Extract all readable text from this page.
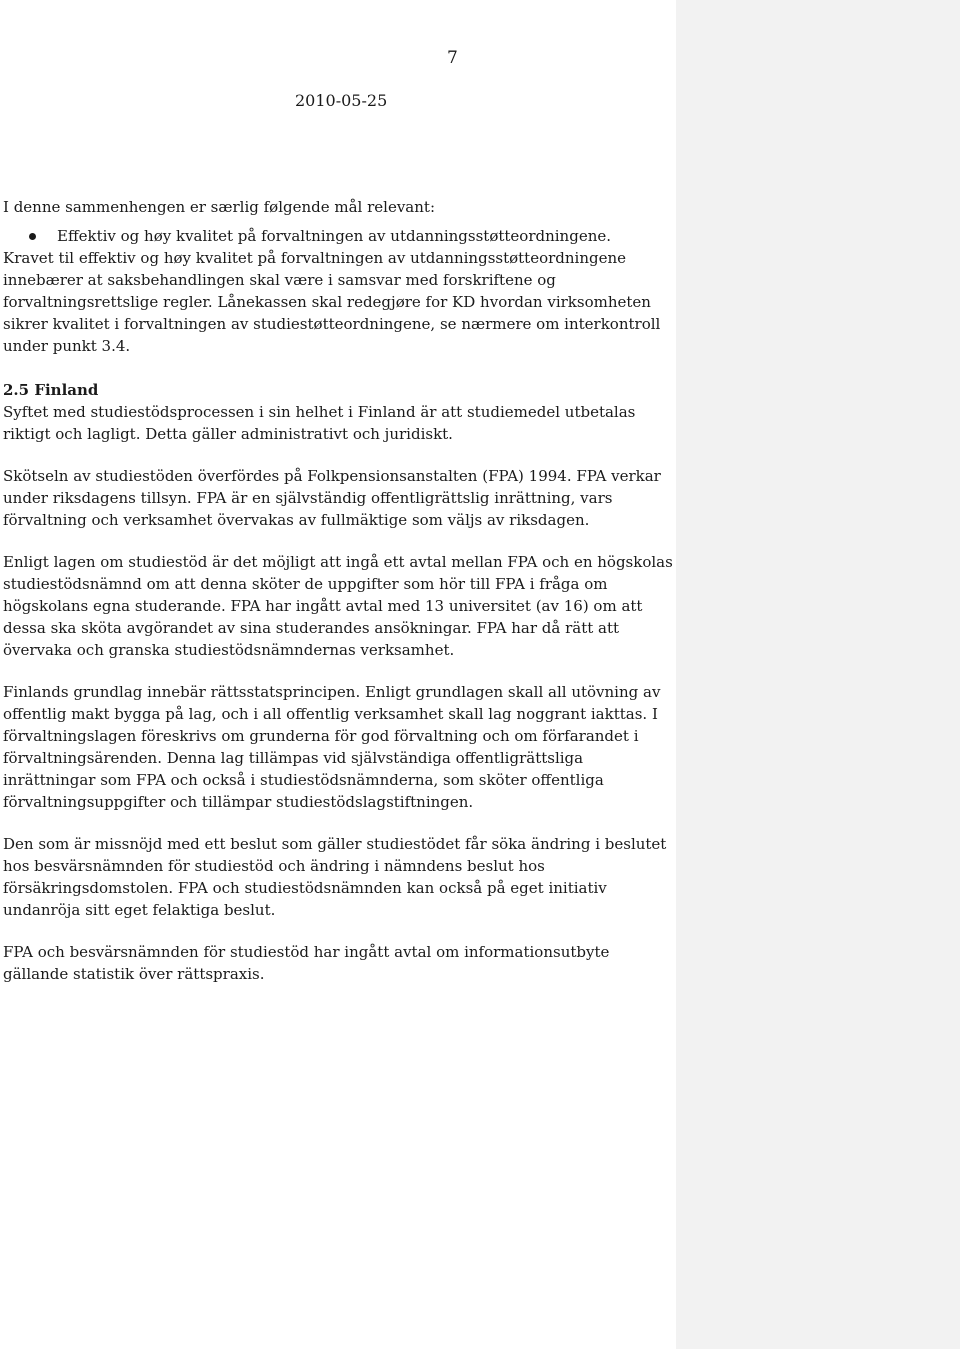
7
2010-05-25

I denne sammenhengen er særlig følgende mål relevant:

Effektiv og høy kvalitet på forvaltningen av utdanningsstøtteordningene.

Kravet til effektiv og høy kvalitet på forvaltningen av utdanningsstøtteordningene innebærer at saksbehandlingen skal være i samsvar med forskriftene og forvaltningsrettslige regler. Lånekassen skal redegjøre for KD hvordan virksomheten sikrer kvalitet i forvaltningen av studiestøtteordningene, se nærmere om interkontroll under punkt 3.4.

2.5 Finland

Syftet med studiestödsprocessen i sin helhet i Finland är att studiemedel utbetalas riktigt och lagligt. Detta gäller administrativt och juridiskt.

Skötseln av studiestöden överfördes på Folkpensionsanstalten (FPA) 1994. FPA verkar under riksdagens tillsyn. FPA är en självständig offentligrättslig inrättning, vars förvaltning och verksamhet övervakas av fullmäktige som väljs av riksdagen.

Enligt lagen om studiestöd är det möjligt att ingå ett avtal mellan FPA och en högskolas studiestödsnämnd om att denna sköter de uppgifter som hör till FPA i fråga om högskolans egna studerande. FPA har ingått avtal med 13 universitet (av 16) om att dessa ska sköta avgörandet av sina studerandes ansökningar. FPA har då rätt att övervaka och granska studiestödsnämndernas verksamhet.

Finlands grundlag innebär rättsstatsprincipen. Enligt grundlagen skall all utövning av offentlig makt bygga på lag, och i all offentlig verksamhet skall lag noggrant iakttas. I förvaltningslagen föreskrivs om grunderna för god förvaltning och om förfarandet i förvaltningsärenden. Denna lag tillämpas vid självständiga offentligrättsliga inrättningar som FPA och också i studiestödsnämnderna, som sköter offentliga förvaltningsuppgifter och tillämpar studiestödslagstiftningen.

Den som är missnöjd med ett beslut som gäller studiestödet får söka ändring i beslutet hos besvärsnämnden för studiestöd och ändring i nämndens beslut hos försäkringsdomstolen. FPA och studiestödsnämnden kan också på eget initiativ undanröja sitt eget felaktiga beslut.

FPA och besvärsnämnden för studiestöd har ingått avtal om informationsutbyte gällande statistik över rättspraxis.
